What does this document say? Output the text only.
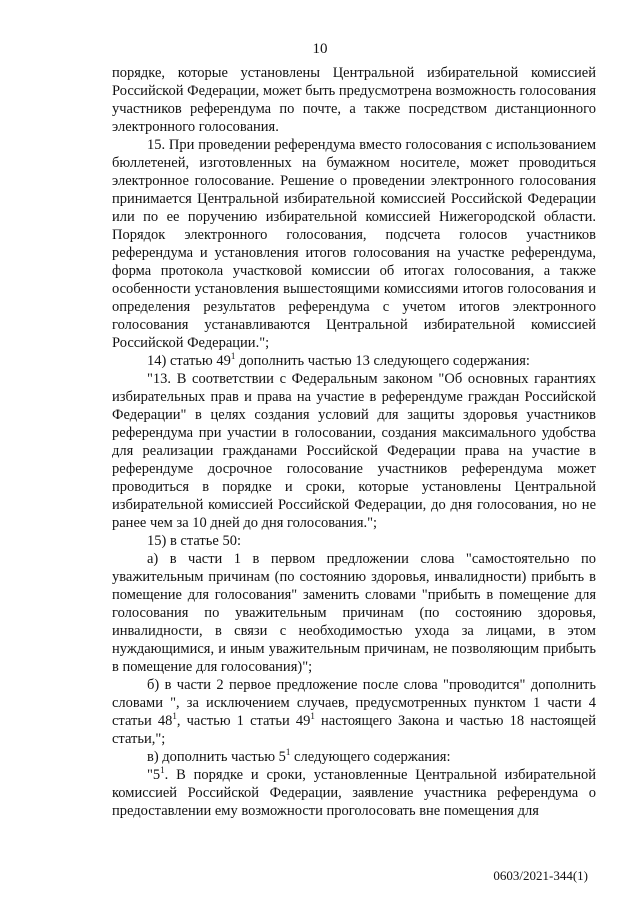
10

порядке, которые установлены Центральной избирательной комиссией Российской Федерации, может быть предусмотрена возможность голосования участников референдума по почте, а также посредством дистанционного электронного голосования.

15. При проведении референдума вместо голосования с использованием бюллетеней, изготовленных на бумажном носителе, может проводиться электронное голосование. Решение о проведении электронного голосования принимается Центральной избирательной комиссией Российской Федерации или по ее поручению избирательной комиссией Нижегородской области. Порядок электронного голосования, подсчета голосов участников референдума и установления итогов голосования на участке референдума, форма протокола участковой комиссии об итогах голосования, а также особенности установления вышестоящими комиссиями итогов голосования и определения результатов референдума с учетом итогов электронного голосования устанавливаются Центральной избирательной комиссией Российской Федерации.";

14) статью $49^1$ дополнить частью 13 следующего содержания:

"13. В соответствии с Федеральным законом "Об основных гарантиях избирательных прав и права на участие в референдуме граждан Российской Федерации" в целях создания условий для защиты здоровья участников референдума при участии в голосовании, создания максимального удобства для реализации гражданами Российской Федерации права на участие в референдуме досрочное голосование участников референдума может проводиться в порядке и сроки, которые установлены Центральной избирательной комиссией Российской Федерации, до дня голосования, но не ранее чем за 10 дней до дня голосования.";

15) в статье 50:

а) в части 1 в первом предложении слова "самостоятельно по уважительным причинам (по состоянию здоровья, инвалидности) прибыть в помещение для голосования" заменить словами "прибыть в помещение для голосования по уважительным причинам (по состоянию здоровья, инвалидности, в связи с необходимостью ухода за лицами, в этом нуждающимися, и иным уважительным причинам, не позволяющим прибыть в помещение для голосования)";

б) в части 2 первое предложение после слова "проводится" дополнить словами ", за исключением случаев, предусмотренных пунктом 1 части 4 статьи $48^1$, частью 1 статьи $49^1$ настоящего Закона и частью 18 настоящей статьи,";

в) дополнить частью $5^1$ следующего содержания:

"$5^1$. В порядке и сроки, установленные Центральной избирательной комиссией Российской Федерации, заявление участника референдума о предоставлении ему возможности проголосовать вне помещения для

0603/2021-344(1)
